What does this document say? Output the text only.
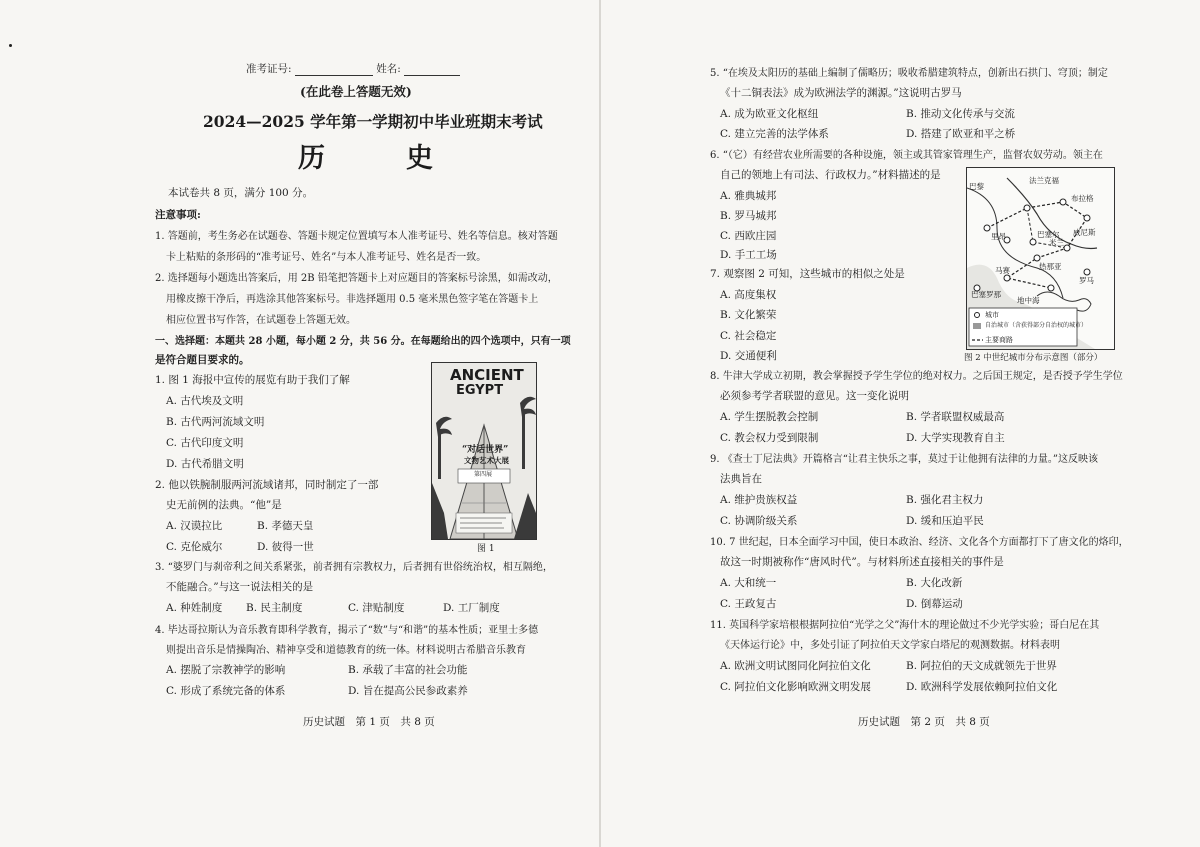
准考证号:	姓名:
(在此卷上答题无效)
2024—2025 学年第一学期初中毕业班期末考试
历	史
本试卷共 8 页，满分 100 分。
注意事项:
1. 答题前，考生务必在试题卷、答题卡规定位置填写本人准考证号、姓名等信息。核对答题
卡上粘贴的条形码的“准考证号、姓名”与本人准考证号、姓名是否一致。
2. 选择题每小题选出答案后，用 2B 铅笔把答题卡上对应题目的答案标号涂黑，如需改动，
用橡皮擦干净后，再选涂其他答案标号。非选择题用 0.5 毫米黑色签字笔在答题卡上
相应位置书写作答，在试题卷上答题无效。
一、选择题：本题共 28 小题，每小题 2 分，共 56 分。在每题给出的四个选项中，只有一项
是符合题目要求的。
1. 图 1 海报中宣传的展览有助于我们了解
A. 古代埃及文明
B. 古代两河流域文明
C. 古代印度文明
D. 古代希腊文明
2. 他以铁腕制服两河流域诸邦，同时制定了一部
史无前例的法典。“他”是
A. 汉谟拉比	B. 孝德天皇
C. 克伦威尔	D. 彼得一世
ANCIENT
EGYPT
“对话世界”
文物艺术大展
第四展
图 1
3. “婆罗门与刹帝利之间关系紧张，前者拥有宗教权力，后者拥有世俗统治权，相互隔绝，
不能融合。”与这一说法相关的是
A. 种姓制度 B. 民主制度	C. 津贴制度	D. 工厂制度
4. 毕达哥拉斯认为音乐教育即科学教育，揭示了“数”与“和谐”的基本性质；亚里士多德
则提出音乐是情操陶冶、精神享受和道德教育的统一体。材料说明古希腊音乐教育
A. 摆脱了宗教神学的影响	B. 承载了丰富的社会功能
C. 形成了系统完备的体系	D. 旨在提高公民参政素养
历史试题　第 1 页　共 8 页
5. “在埃及太阳历的基础上编制了儒略历；吸收希腊建筑特点，创新出石拱门、穹顶；制定
《十二铜表法》成为欧洲法学的渊源。”这说明古罗马
A. 成为欧亚文化枢纽	B. 推动文化传承与交流
C. 建立完善的法学体系	D. 搭建了欧亚和平之桥
6. “（它）有经营农业所需要的各种设施，领主或其管家管理生产，监督农奴劳动。领主在
自己的领地上有司法、行政权力。”材料描述的是
A. 雅典城邦
B. 罗马城邦
C. 西欧庄园
D. 手工工场
7. 观察图 2 可知，这些城市的相似之处是
A. 高度集权
B. 文化繁荣
C. 社会稳定
D. 交通便利
巴黎
法兰克福
布拉格
巴塞尔
米兰
威尼斯
热那亚
马赛
罗马
巴塞罗那
地中海
里昂
城市
自治城市（含获得部分自治权的城市）
主要商路
图 2 中世纪城市分布示意图（部分）
8. 牛津大学成立初期，教会掌握授予学生学位的绝对权力。之后国王规定，是否授予学生学位
必须参考学者联盟的意见。这一变化说明
A. 学生摆脱教会控制	B. 学者联盟权威最高
C. 教会权力受到限制	D. 大学实现教育自主
9. 《查士丁尼法典》开篇格言“让君主快乐之事，莫过于让他拥有法律的力量。”这反映该
法典旨在
A. 维护贵族权益	B. 强化君主权力
C. 协调阶级关系	D. 缓和压迫平民
10. 7 世纪起，日本全面学习中国，使日本政治、经济、文化各个方面都打下了唐文化的烙印，
故这一时期被称作“唐风时代”。与材料所述直接相关的事件是
A. 大和统一	B. 大化改新
C. 王政复古	D. 倒幕运动
11. 英国科学家培根根据阿拉伯“光学之父”海什木的理论做过不少光学实验；哥白尼在其
《天体运行论》中，多处引证了阿拉伯天文学家白塔尼的观测数据。材料表明
A. 欧洲文明试图同化阿拉伯文化	B. 阿拉伯的天文成就领先于世界
C. 阿拉伯文化影响欧洲文明发展	D. 欧洲科学发展依赖阿拉伯文化
历史试题　第 2 页　共 8 页
